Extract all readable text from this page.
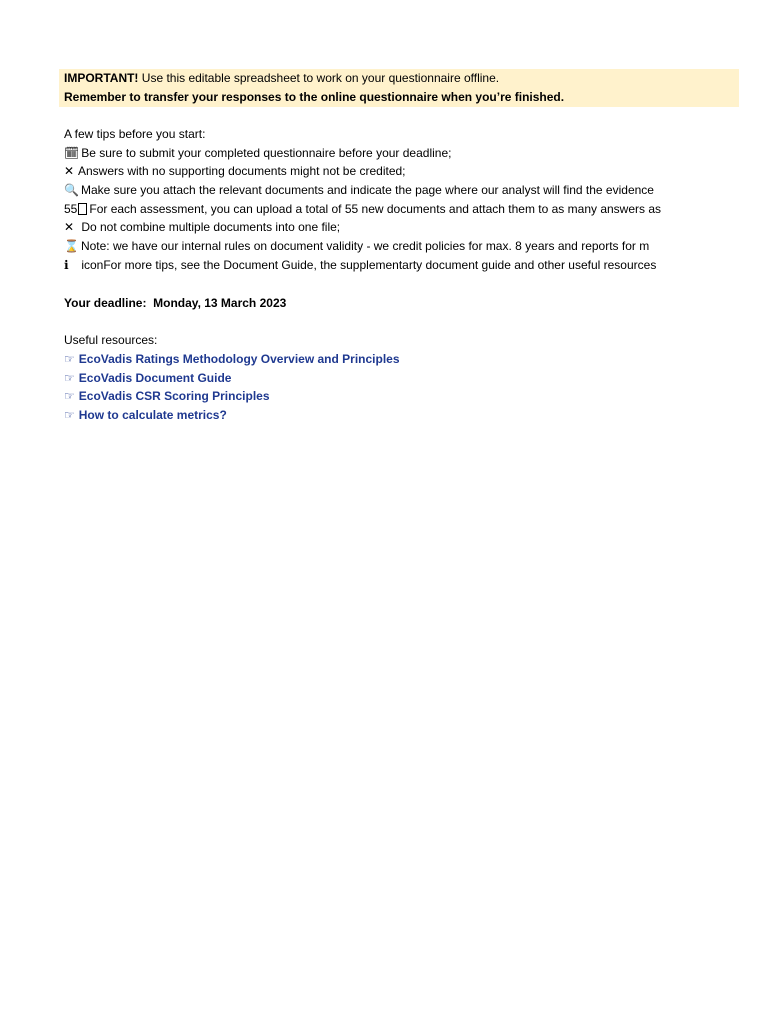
IMPORTANT! Use this editable spreadsheet to work on your questionnaire offline.
Remember to transfer your responses to the online questionnaire when you’re finished.
A few tips before you start:
🗓 Be sure to submit your completed questionnaire before your deadline;
✕ Answers with no supporting documents might not be credited;
🔍 Make sure you attach the relevant documents and indicate the page where our analyst will find the evidence
55 For each assessment, you can upload a total of 55 new documents and attach them to as many answers as
✕ Do not combine multiple documents into one file;
⌛ Note: we have our internal rules on document validity - we credit policies for max. 8 years and reports for m
ℹ iconFor more tips, see the Document Guide, the supplementarty document guide and other useful resources
Your deadline: Monday, 13 March 2023
Useful resources:
☞ EcoVadis Ratings Methodology Overview and Principles
☞ EcoVadis Document Guide
☞ EcoVadis CSR Scoring Principles
☞ How to calculate metrics?
